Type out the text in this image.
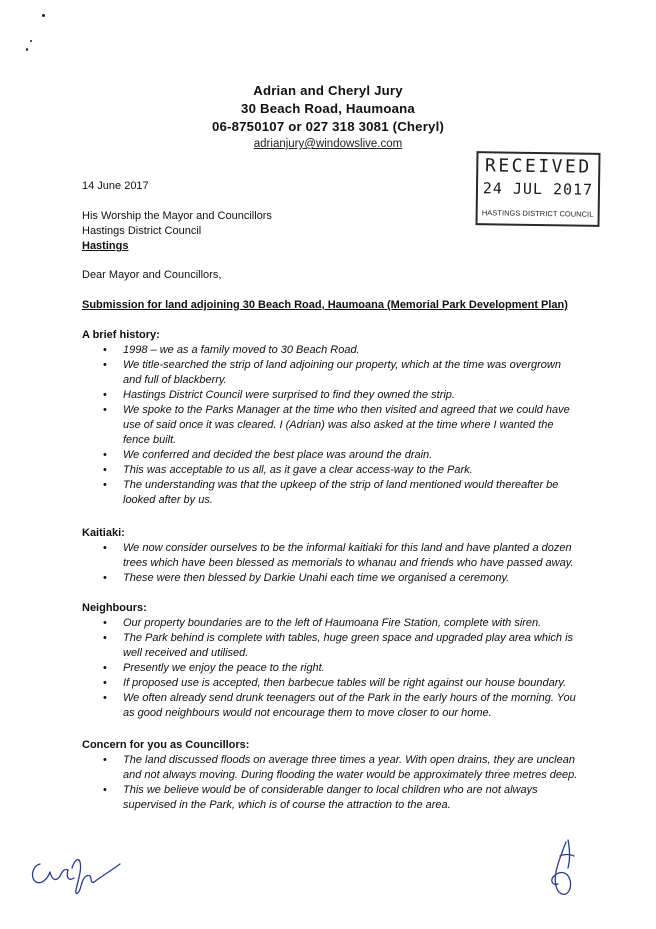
Adrian and Cheryl Jury
30 Beach Road, Haumoana
06-8750107 or 027 318 3081 (Cheryl)
adrianjury@windowslive.com
RECEIVED
24 JUL 2017
HASTINGS DISTRICT COUNCIL
14 June 2017
His Worship the Mayor and Councillors
Hastings District Council
Hastings
Dear Mayor and Councillors,
Submission for land adjoining 30 Beach Road, Haumoana (Memorial Park Development Plan)
A brief history:
• 1998 – we as a family moved to 30 Beach Road.
• We title-searched the strip of land adjoining our property, which at the time was overgrown and full of blackberry.
• Hastings District Council were surprised to find they owned the strip.
• We spoke to the Parks Manager at the time who then visited and agreed that we could have use of said once it was cleared. I (Adrian) was also asked at the time where I wanted the fence built.
• We conferred and decided the best place was around the drain.
• This was acceptable to us all, as it gave a clear access-way to the Park.
• The understanding was that the upkeep of the strip of land mentioned would thereafter be looked after by us.
Kaitiaki:
• We now consider ourselves to be the informal kaitiaki for this land and have planted a dozen trees which have been blessed as memorials to whanau and friends who have passed away.
• These were then blessed by Darkie Unahi each time we organised a ceremony.
Neighbours:
• Our property boundaries are to the left of Haumoana Fire Station, complete with siren.
• The Park behind is complete with tables, huge green space and upgraded play area which is well received and utilised.
• Presently we enjoy the peace to the right.
• If proposed use is accepted, then barbecue tables will be right against our house boundary.
• We often already send drunk teenagers out of the Park in the early hours of the morning. You as good neighbours would not encourage them to move closer to our home.
Concern for you as Councillors:
• The land discussed floods on average three times a year. With open drains, they are unclean and not always moving. During flooding the water would be approximately three metres deep.
• This we believe would be of considerable danger to local children who are not always supervised in the Park, which is of course the attraction to the area.
